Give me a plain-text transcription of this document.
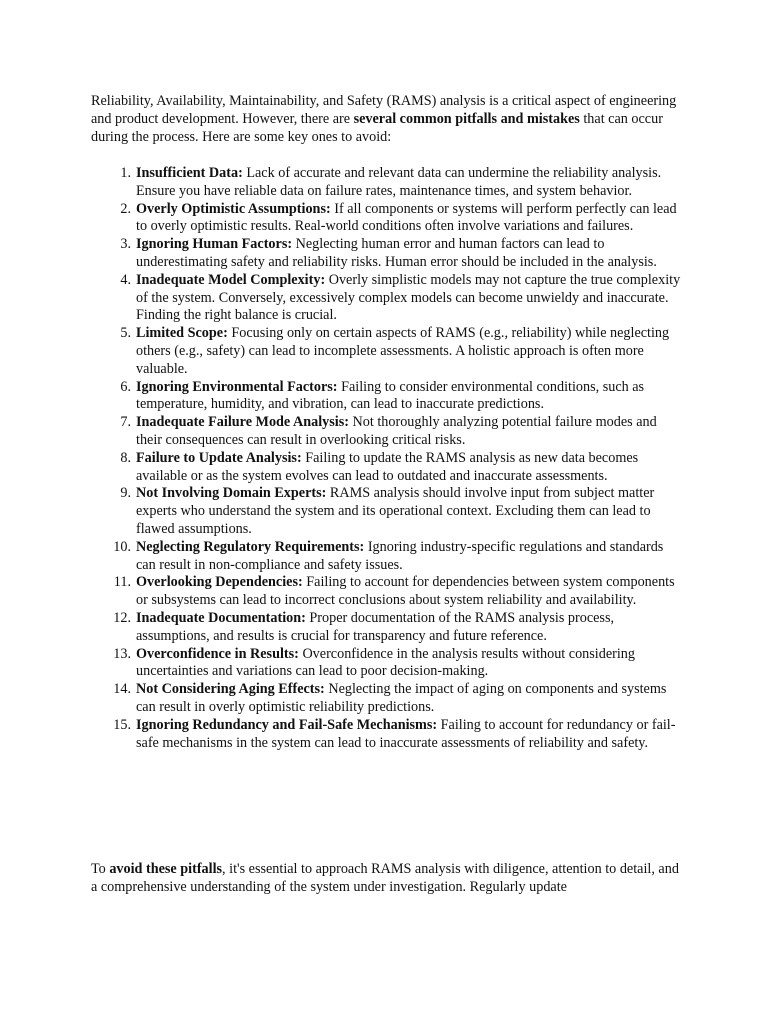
Reliability, Availability, Maintainability, and Safety (RAMS) analysis is a critical aspect of engineering and product development. However, there are several common pitfalls and mistakes that can occur during the process. Here are some key ones to avoid:

1. Insufficient Data: Lack of accurate and relevant data can undermine the reliability analysis. Ensure you have reliable data on failure rates, maintenance times, and system behavior.
2. Overly Optimistic Assumptions: If all components or systems will perform perfectly can lead to overly optimistic results. Real-world conditions often involve variations and failures.
3. Ignoring Human Factors: Neglecting human error and human factors can lead to underestimating safety and reliability risks. Human error should be included in the analysis.
4. Inadequate Model Complexity: Overly simplistic models may not capture the true complexity of the system. Conversely, excessively complex models can become unwieldy and inaccurate. Finding the right balance is crucial.
5. Limited Scope: Focusing only on certain aspects of RAMS (e.g., reliability) while neglecting others (e.g., safety) can lead to incomplete assessments. A holistic approach is often more valuable.
6. Ignoring Environmental Factors: Failing to consider environmental conditions, such as temperature, humidity, and vibration, can lead to inaccurate predictions.
7. Inadequate Failure Mode Analysis: Not thoroughly analyzing potential failure modes and their consequences can result in overlooking critical risks.
8. Failure to Update Analysis: Failing to update the RAMS analysis as new data becomes available or as the system evolves can lead to outdated and inaccurate assessments.
9. Not Involving Domain Experts: RAMS analysis should involve input from subject matter experts who understand the system and its operational context. Excluding them can lead to flawed assumptions.
10. Neglecting Regulatory Requirements: Ignoring industry-specific regulations and standards can result in non-compliance and safety issues.
11. Overlooking Dependencies: Failing to account for dependencies between system components or subsystems can lead to incorrect conclusions about system reliability and availability.
12. Inadequate Documentation: Proper documentation of the RAMS analysis process, assumptions, and results is crucial for transparency and future reference.
13. Overconfidence in Results: Overconfidence in the analysis results without considering uncertainties and variations can lead to poor decision-making.
14. Not Considering Aging Effects: Neglecting the impact of aging on components and systems can result in overly optimistic reliability predictions.
15. Ignoring Redundancy and Fail-Safe Mechanisms: Failing to account for redundancy or fail-safe mechanisms in the system can lead to inaccurate assessments of reliability and safety.

To avoid these pitfalls, it's essential to approach RAMS analysis with diligence, attention to detail, and a comprehensive understanding of the system under investigation. Regularly update
